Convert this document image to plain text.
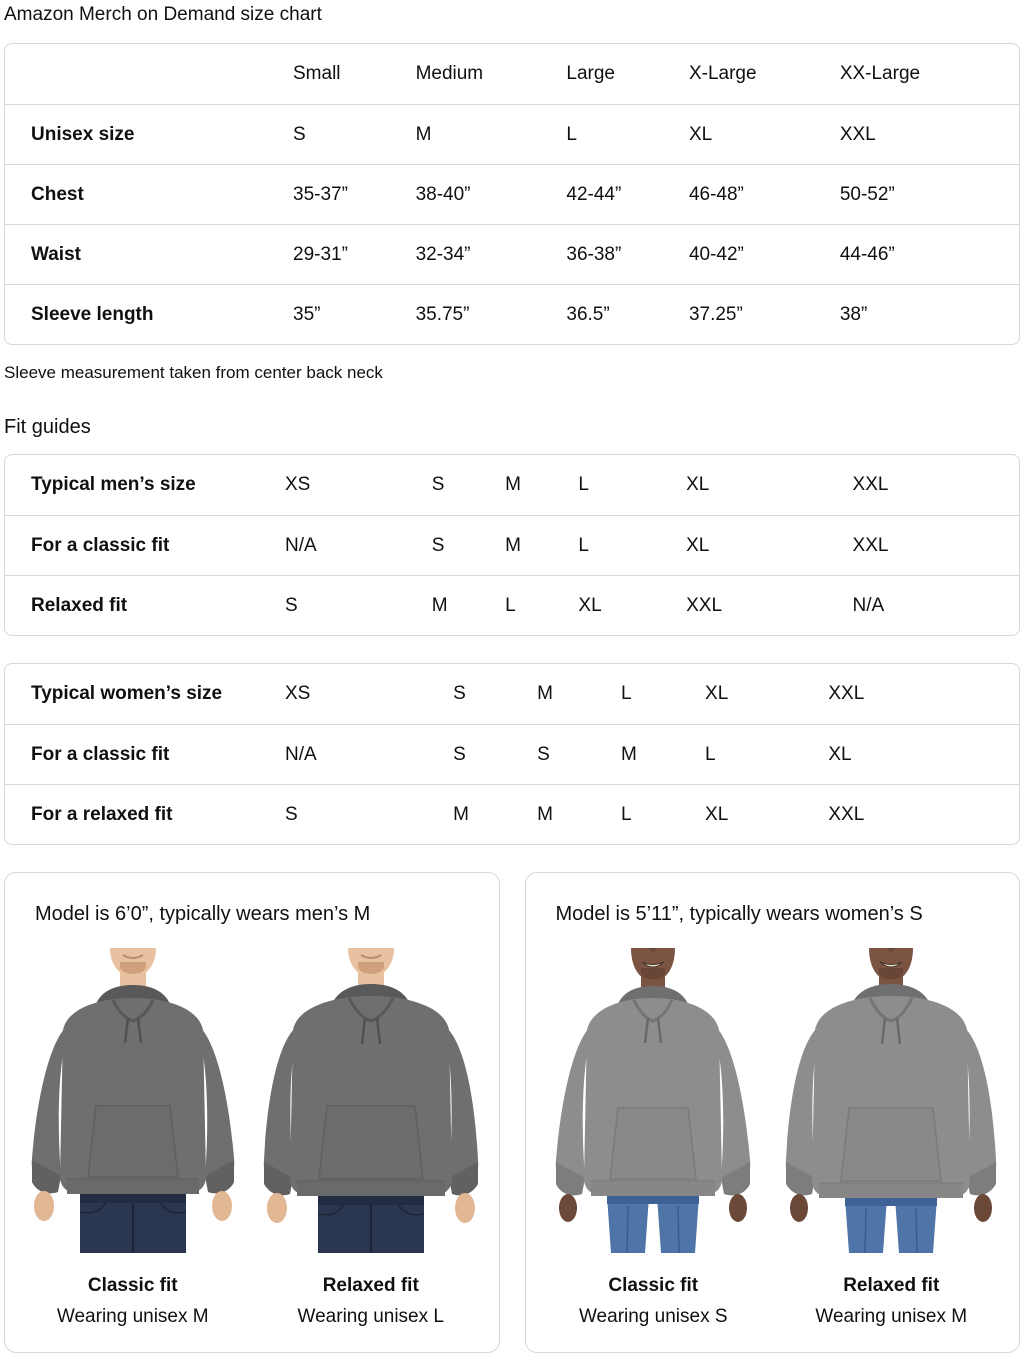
Amazon Merch on Demand size chart
	Small	Medium	Large	X-Large	XX-Large
Unisex size	S	M	L	XL	XXL
Chest	35-37”	38-40”	42-44”	46-48”	50-52”
Waist	29-31”	32-34”	36-38”	40-42”	44-46”
Sleeve length	35”	35.75”	36.5”	37.25”	38”

Sleeve measurement taken from center back neck

Fit guides
Typical men’s size	XS	S	M	L	XL	XXL
For a classic fit	N/A	S	M	L	XL	XXL
Relaxed fit	S	M	L	XL	XXL	N/A
Typical women’s size	XS	S	M	L	XL	XXL
For a classic fit	N/A	S	S	M	L	XL
For a relaxed fit	S	M	M	L	XL	XXL
Model is 6’0”, typically wears men’s M
Classic fit
Wearing unisex M
Relaxed fit
Wearing unisex L
Model is 5’11”, typically wears women’s S
Classic fit
Wearing unisex S
Relaxed fit
Wearing unisex M
